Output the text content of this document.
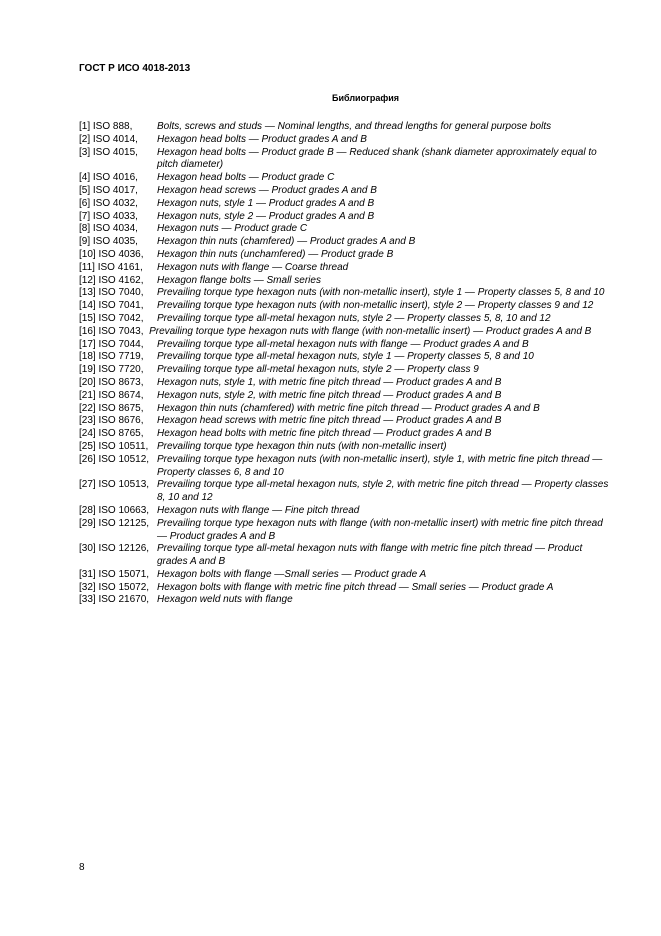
ГОСТ Р ИСО 4018-2013
Библиография
[1] ISO 888,	Bolts, screws and studs — Nominal lengths, and thread lengths for general purpose bolts
[2] ISO 4014,	Hexagon head bolts — Product grades A and B
[3] ISO 4015,	Hexagon head bolts — Product grade B — Reduced shank (shank diameter approximately equal to pitch diameter)
[4] ISO 4016,	Hexagon head bolts — Product grade C
[5] ISO 4017,	Hexagon head screws — Product grades A and B
[6] ISO 4032,	Hexagon nuts, style 1 — Product grades A and B
[7] ISO 4033,	Hexagon nuts, style 2 — Product grades A and B
[8] ISO 4034,	Hexagon nuts — Product grade C
[9] ISO 4035,	Hexagon thin nuts (chamfered) — Product grades A and B
[10] ISO 4036,	Hexagon thin nuts (unchamfered) — Product grade B
[11] ISO 4161,	Hexagon nuts with flange — Coarse thread
[12] ISO 4162,	Hexagon flange bolts — Small series
[13] ISO 7040,	Prevailing torque type hexagon nuts (with non-metallic insert), style 1 — Property classes 5, 8 and 10
[14] ISO 7041,	Prevailing torque type hexagon nuts (with non-metallic insert), style 2 — Property classes 9 and 12
[15] ISO 7042,	Prevailing torque type all-metal hexagon nuts, style 2 — Property classes 5, 8, 10 and 12
[16] ISO 7043, Prevailing torque type hexagon nuts with flange (with non-metallic insert) — Product grades A and B
[17] ISO 7044,	Prevailing torque type all-metal hexagon nuts with flange — Product grades A and B
[18] ISO 7719,	Prevailing torque type all-metal hexagon nuts, style 1 — Property classes 5, 8 and 10
[19] ISO 7720,	Prevailing torque type all-metal hexagon nuts, style 2 — Property class 9
[20] ISO 8673,	Hexagon nuts, style 1, with metric fine pitch thread — Product grades A and B
[21] ISO 8674,	Hexagon nuts, style 2, with metric fine pitch thread — Product grades A and B
[22] ISO 8675,	Hexagon thin nuts (chamfered) with metric fine pitch thread — Product grades A and B
[23] ISO 8676,	Hexagon head screws with metric fine pitch thread — Product grades A and B
[24] ISO 8765,	Hexagon head bolts with metric fine pitch thread — Product grades A and B
[25] ISO 10511, Prevailing torque type hexagon thin nuts (with non-metallic insert)
[26] ISO 10512, Prevailing torque type hexagon nuts (with non-metallic insert), style 1, with metric fine pitch thread — Property classes 6, 8 and 10
[27] ISO 10513, Prevailing torque type all-metal hexagon nuts, style 2, with metric fine pitch thread — Property classes 8, 10 and 12
[28] ISO 10663, Hexagon nuts with flange — Fine pitch thread
[29] ISO 12125, Prevailing torque type hexagon nuts with flange (with non-metallic insert) with metric fine pitch thread — Product grades A and B
[30] ISO 12126, Prevailing torque type all-metal hexagon nuts with flange with metric fine pitch thread — Product grades A and B
[31] ISO 15071, Hexagon bolts with flange —Small series — Product grade A
[32] ISO 15072, Hexagon bolts with flange with metric fine pitch thread — Small series — Product grade A
[33] ISO 21670, Hexagon weld nuts with flange
8
